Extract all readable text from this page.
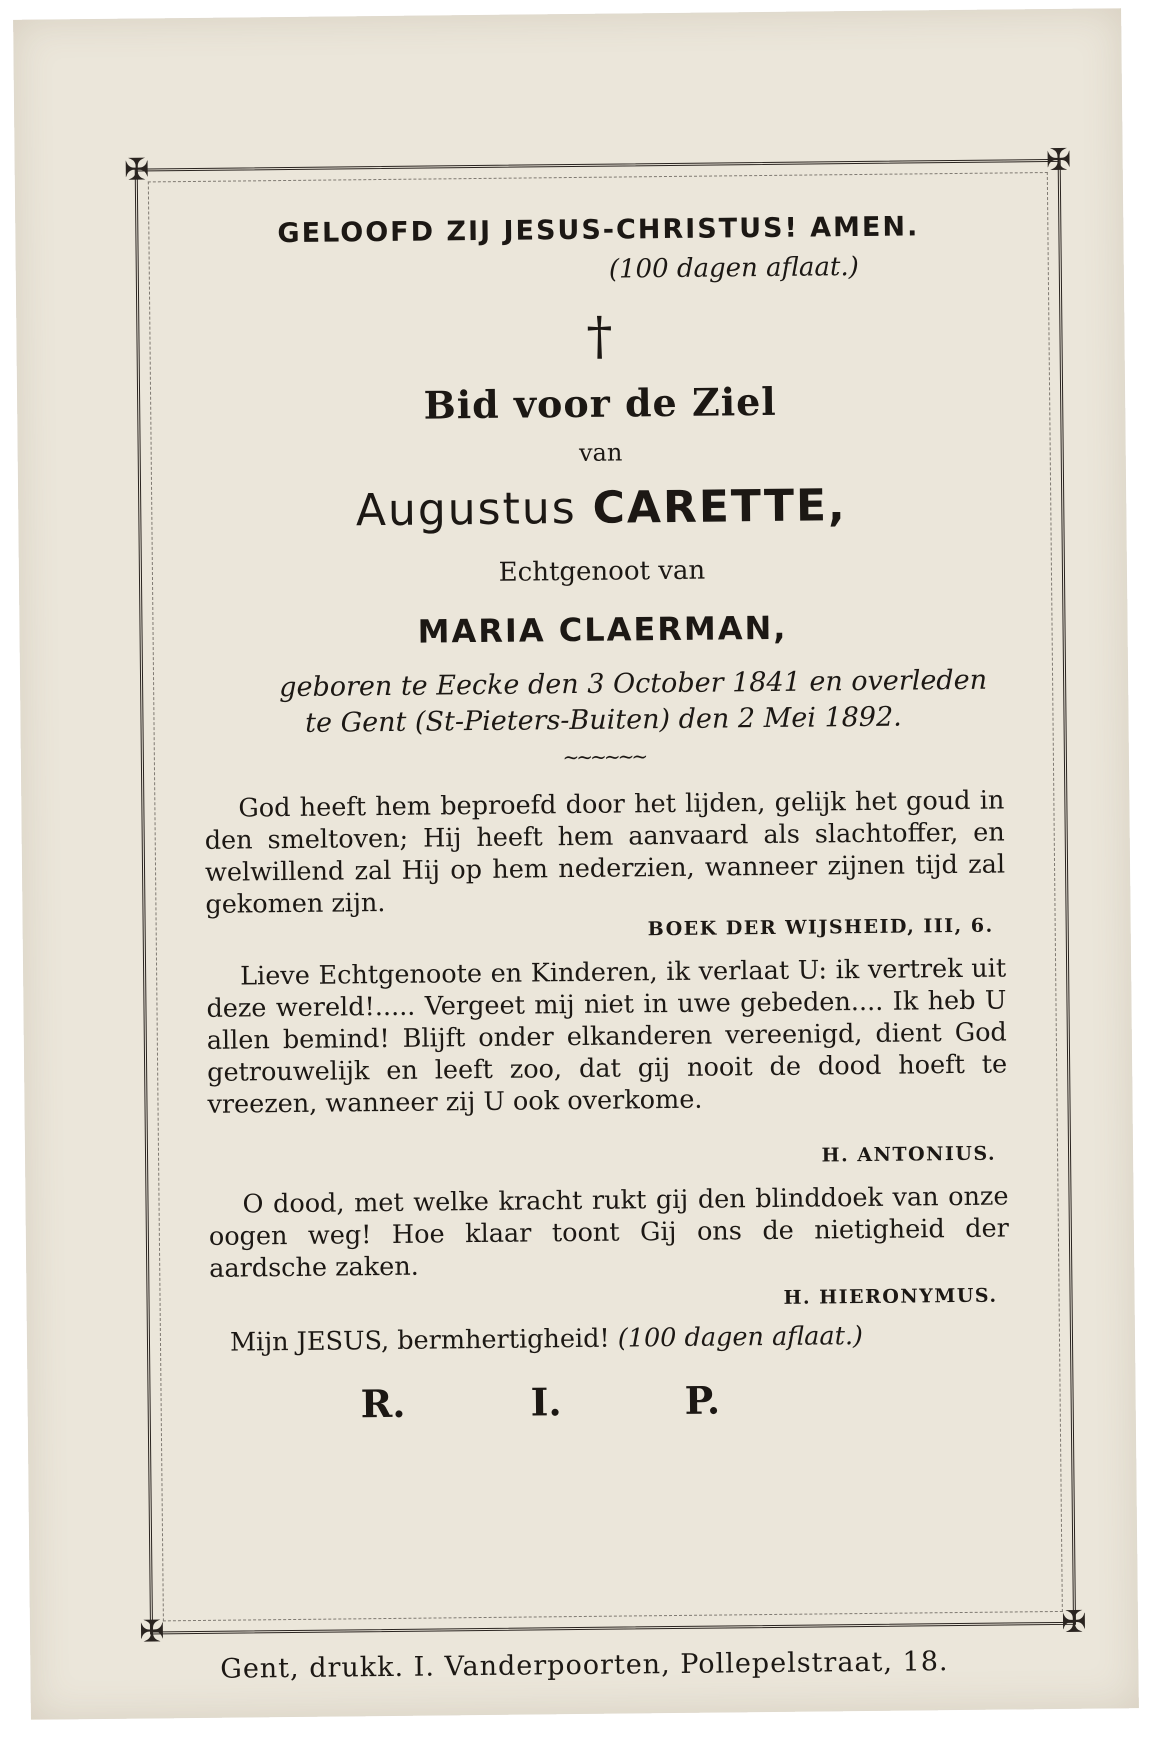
✠	✠
✠	✠
GELOOFD ZIJ JESUS-CHRISTUS! AMEN.
(100 dagen aflaat.)
†
Bid voor de Ziel
van
Augustus CARETTE,
Echtgenoot van
MARIA CLAERMAN,
geboren te Eecke den 3 October 1841 en overleden
te Gent (St-Pieters-Buiten) den 2 Mei 1892.
~~~~~~
God heeft hem beproefd door het lijden, gelijk het goud in den smeltoven; Hij heeft hem aanvaard als slachtoffer, en welwillend zal Hij op hem nederzien, wanneer zijnen tijd zal gekomen zijn.
BOEK DER WIJSHEID, III, 6.
Lieve Echtgenoote en Kinderen, ik verlaat U: ik vertrek uit deze wereld!..... Vergeet mij niet in uwe gebeden.... Ik heb U allen bemind! Blijft onder elkanderen vereenigd, dient God getrouwelijk en leeft zoo, dat gij nooit de dood hoeft te vreezen, wanneer zij U ook overkome.
H. ANTONIUS.
O dood, met welke kracht rukt gij den blinddoek van onze oogen weg! Hoe klaar toont Gij ons de nietigheid der aardsche zaken.
H. HIERONYMUS.
Mijn JESUS, bermhertigheid! (100 dagen aflaat.)
R.	I.	P.
Gent, drukk. I. Vanderpoorten, Pollepelstraat, 18.
